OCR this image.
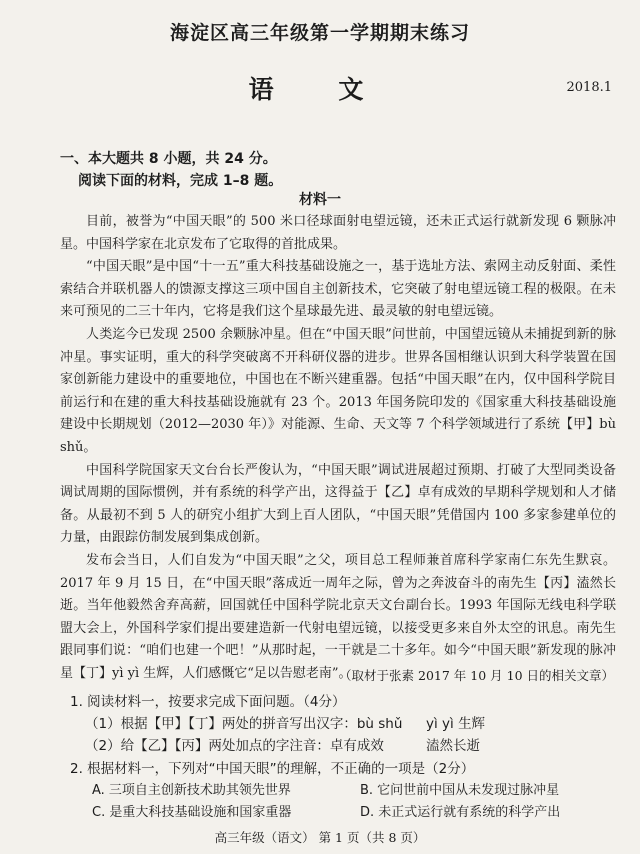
海淀区高三年级第一学期期末练习
语 文	2018.1
一、本大题共 8 小题，共 24 分。
阅读下面的材料，完成 1–8 题。
材料一

目前，被誉为“中国天眼”的 500 米口径球面射电望远镜，还未正式运行就新发现 6 颗脉冲星。中国科学家在北京发布了它取得的首批成果。

“中国天眼”是中国“十一五”重大科技基础设施之一，基于选址方法、索网主动反射面、柔性索结合并联机器人的馈源支撑这三项中国自主创新技术，它突破了射电望远镜工程的极限。在未来可预见的二三十年内，它将是我们这个星球最先进、最灵敏的射电望远镜。

人类迄今已发现 2500 余颗脉冲星。但在“中国天眼”问世前，中国望远镜从未捕捉到新的脉冲星。事实证明，重大的科学突破离不开科研仪器的进步。世界各国相继认识到大科学装置在国家创新能力建设中的重要地位，中国也在不断兴建重器。包括“中国天眼”在内，仅中国科学院目前运行和在建的重大科技基础设施就有 23 个。2013 年国务院印发的《国家重大科技基础设施建设中长期规划（2012—2030 年）》对能源、生命、天文等 7 个科学领域进行了系统【甲】bù shǔ。

中国科学院国家天文台台长严俊认为，“中国天眼”调试进展超过预期、打破了大型同类设备调试周期的国际惯例，并有系统的科学产出，这得益于【乙】卓有成效的早期科学规划和人才储备。从最初不到 5 人的研究小组扩大到上百人团队，“中国天眼”凭借国内 100 多家参建单位的力量，由跟踪仿制发展到集成创新。

发布会当日，人们自发为“中国天眼”之父，项目总工程师兼首席科学家南仁东先生默哀。2017 年 9 月 15 日，在“中国天眼”落成近一周年之际，曾为之奔波奋斗的南先生【丙】溘然长逝。当年他毅然舍弃高薪，回国就任中国科学院北京天文台副台长。1993 年国际无线电科学联盟大会上，外国科学家们提出要建造新一代射电望远镜，以接受更多来自外太空的讯息。南先生跟同事们说：“咱们也建一个吧！”从那时起，一干就是二十多年。如今“中国天眼”新发现的脉冲星【丁】yì yì 生辉，人们感慨它“足以告慰老南”。

（取材于张素 2017 年 10 月 10 日的相关文章）
1. 阅读材料一，按要求完成下面问题。（4分）
（1）根据【甲】【丁】两处的拼音写出汉字：bù shǔ yì yì 生辉
（2）给【乙】【丙】两处加点的字注音：卓有成效	溘然长逝
2. 根据材料一，下列对“中国天眼”的理解，不正确的一项是（2分）
A. 三项自主创新技术助其领先世界	B. 它问世前中国从未发现过脉冲星
C. 是重大科技基础设施和国家重器	D. 未正式运行就有系统的科学产出
高三年级（语文） 第 1 页（共 8 页）
